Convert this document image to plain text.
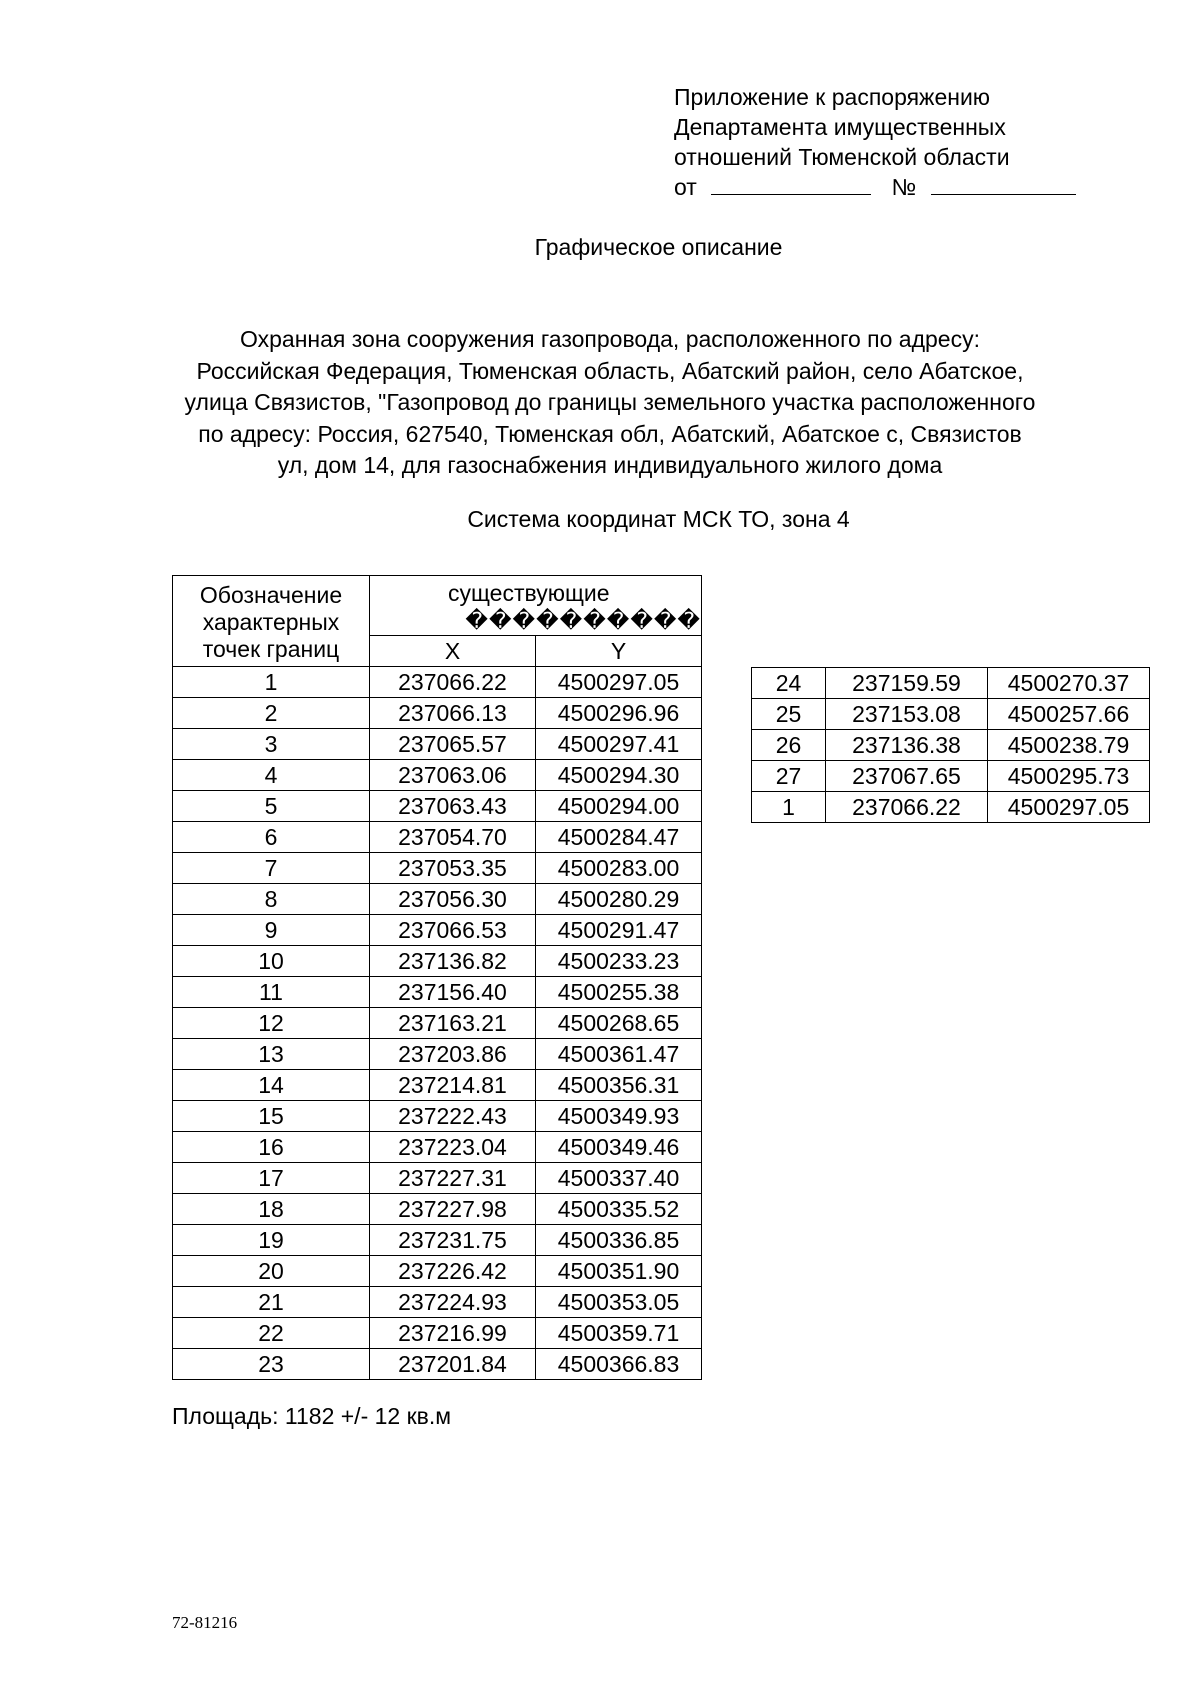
Приложение к распоряжению
Департамента имущественных
отношений Тюменской области
от	№
Графическое описание
Охранная зона сооружения газопровода, расположенного по адресу:
Российская Федерация, Тюменская область, Абатский район, село Абатское,
улица Связистов, "Газопровод до границы земельного участка расположенного
по адресу: Россия, 627540, Тюменская обл, Абатский, Абатское с, Связистов
ул, дом 14, для газоснабжения индивидуального жилого дома
Система координат МСК ТО, зона 4
Обозначение характерных точек границ	существующие
����������	

	X	Y
1	237066.22	4500297.05
2	237066.13	4500296.96
3	237065.57	4500297.41
4	237063.06	4500294.30
5	237063.43	4500294.00
6	237054.70	4500284.47
7	237053.35	4500283.00
8	237056.30	4500280.29
9	237066.53	4500291.47
10	237136.82	4500233.23
11	237156.40	4500255.38
12	237163.21	4500268.65
13	237203.86	4500361.47
14	237214.81	4500356.31
15	237222.43	4500349.93
16	237223.04	4500349.46
17	237227.31	4500337.40
18	237227.98	4500335.52
19	237231.75	4500336.85
20	237226.42	4500351.90
21	237224.93	4500353.05
22	237216.99	4500359.71
23	237201.84	4500366.83
24	237159.59	4500270.37
25	237153.08	4500257.66
26	237136.38	4500238.79
27	237067.65	4500295.73
1	237066.22	4500297.05
Площадь: 1182 +/- 12 кв.м
72-81216
